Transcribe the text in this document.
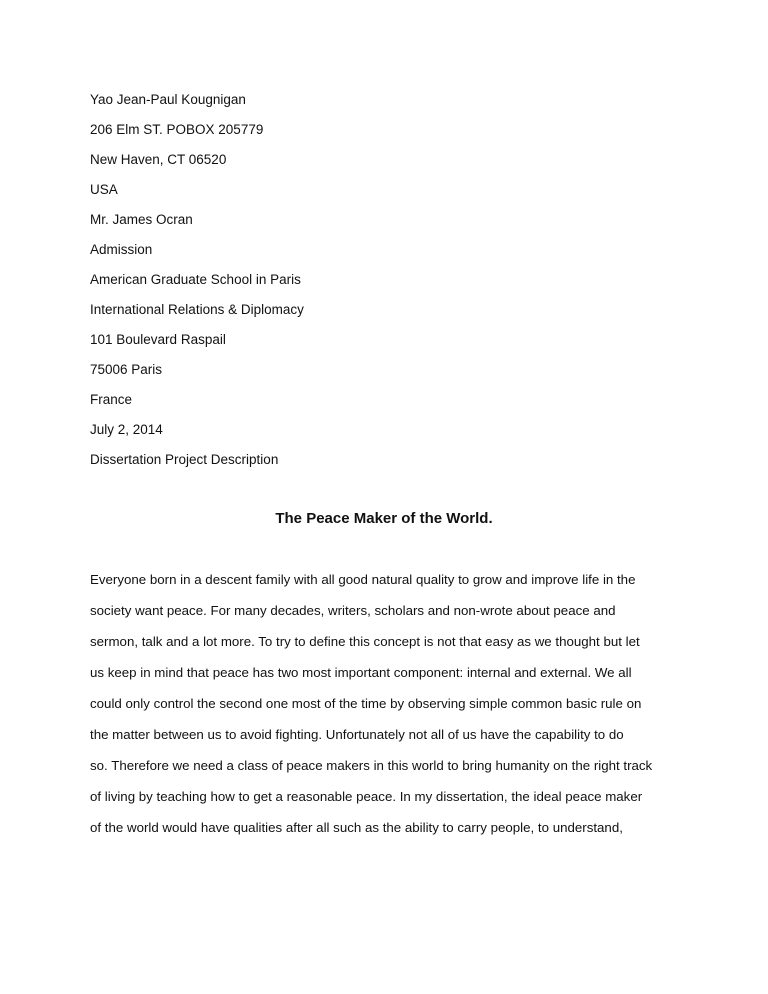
Yao Jean-Paul Kougnigan
206 Elm ST. POBOX 205779
New Haven, CT 06520
USA
Mr. James Ocran
Admission
American Graduate School in Paris
International Relations & Diplomacy
101 Boulevard Raspail
75006 Paris
France
July 2, 2014
Dissertation Project Description
The Peace Maker of the World.
Everyone born in a descent family with all good natural quality to grow and improve life in the
society want peace. For many decades, writers, scholars and non-wrote about peace and
sermon, talk and a lot more. To try to define this concept is not that easy as we thought but let
us keep in mind that peace has two most important component: internal and external. We all
could only control the second one most of the time by observing simple common basic rule on
the matter between us to avoid fighting. Unfortunately not all of us have the capability to do
so. Therefore we need a class of peace makers in this world to bring humanity on the right track
of living by teaching how to get a reasonable peace. In my dissertation, the ideal peace maker
of the world would have qualities after all such as the ability to carry people, to understand,
